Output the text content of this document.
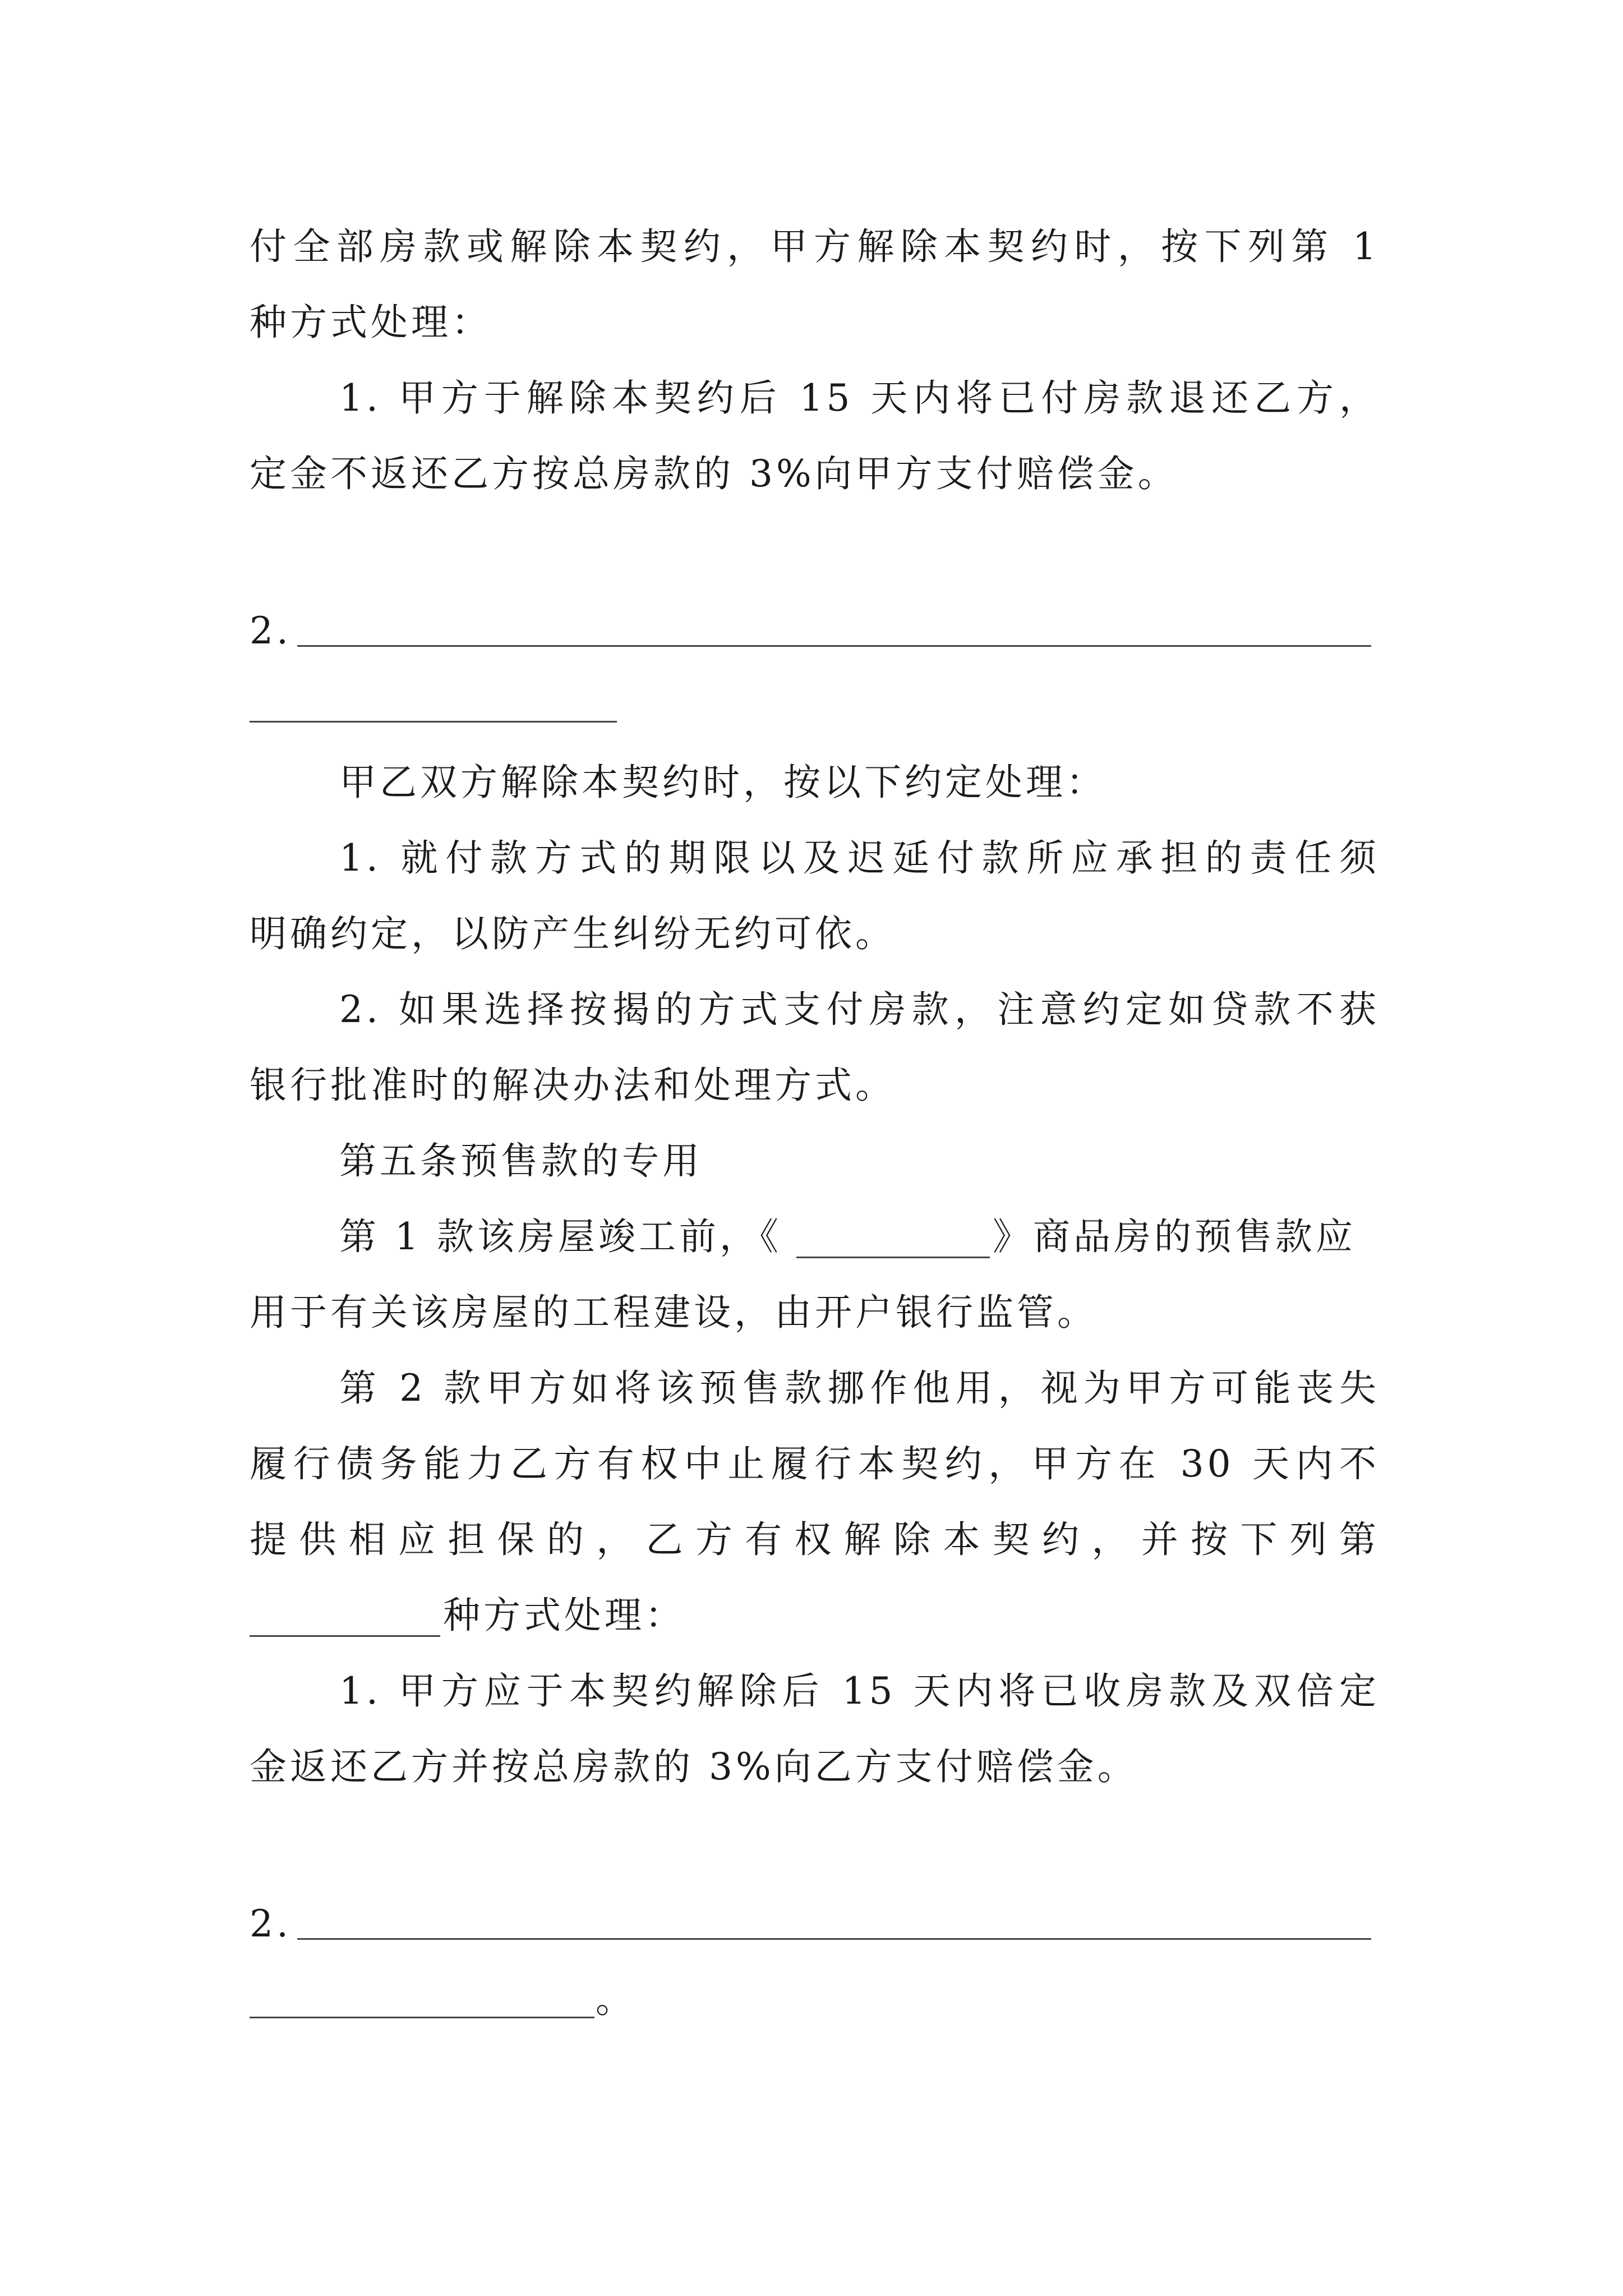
付全部房款或解除本契约，甲方解除本契约时，按下列第 1
种方式处理：
1. 甲方于解除本契约后 15 天内将已付房款退还乙方，
定金不返还乙方按总房款的 3%向甲方支付赔偿金。
2.
甲乙双方解除本契约时，按以下约定处理：
1. 就付款方式的期限以及迟延付款所应承担的责任须
明确约定，以防产生纠纷无约可依。
2. 如果选择按揭的方式支付房款，注意约定如贷款不获
银行批准时的解决办法和处理方式。
第五条预售款的专用
第 1 款该房屋竣工前，《	》商品房的预售款应
用于有关该房屋的工程建设，由开户银行监管。
第 2 款甲方如将该预售款挪作他用，视为甲方可能丧失
履行债务能力乙方有权中止履行本契约，甲方在 30 天内不
提供相应担保的，乙方有权解除本契约，并按下列第
种方式处理：
1. 甲方应于本契约解除后 15 天内将已收房款及双倍定
金返还乙方并按总房款的 3%向乙方支付赔偿金。
2.
。
